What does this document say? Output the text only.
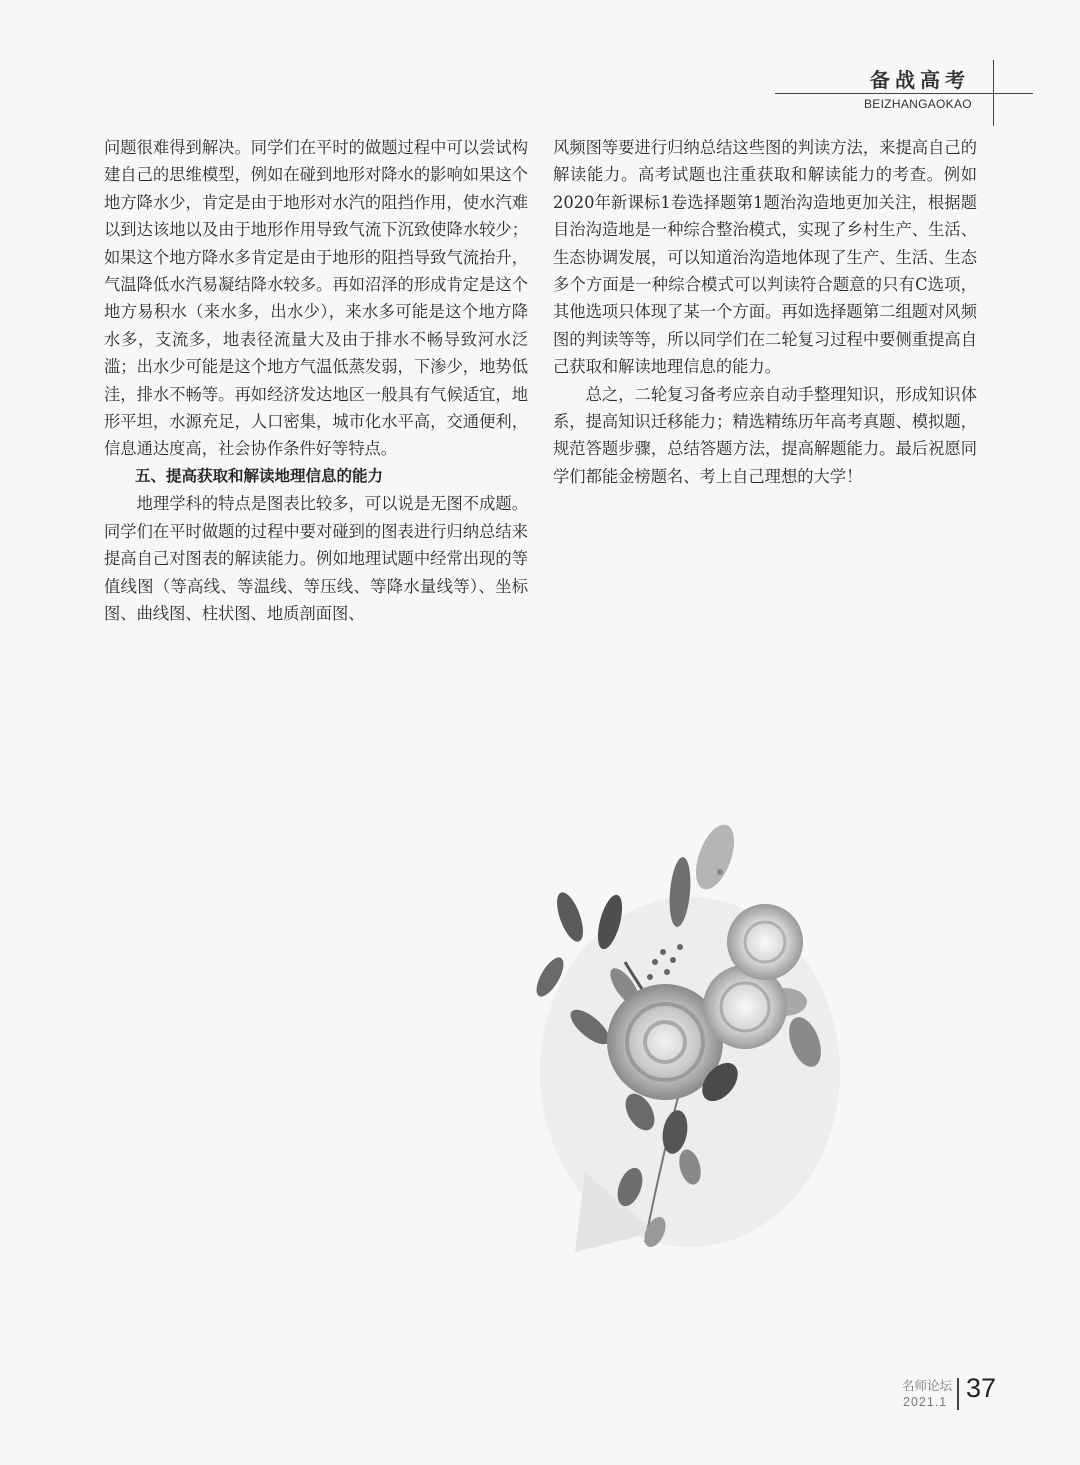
备战高考
BEIZHANGAOKAO

问题很难得到解决。同学们在平时的做题过程中可以尝试构建自己的思维模型，例如在碰到地形对降水的影响如果这个地方降水少，肯定是由于地形对水汽的阻挡作用，使水汽难以到达该地以及由于地形作用导致气流下沉致使降水较少；如果这个地方降水多肯定是由于地形的阻挡导致气流抬升，气温降低水汽易凝结降水较多。再如沼泽的形成肯定是这个地方易积水（来水多，出水少），来水多可能是这个地方降水多，支流多，地表径流量大及由于排水不畅导致河水泛滥；出水少可能是这个地方气温低蒸发弱，下渗少，地势低洼，排水不畅等。再如经济发达地区一般具有气候适宜，地形平坦，水源充足，人口密集，城市化水平高，交通便利，信息通达度高，社会协作条件好等特点。

五、提高获取和解读地理信息的能力

地理学科的特点是图表比较多，可以说是无图不成题。同学们在平时做题的过程中要对碰到的图表进行归纳总结来提高自己对图表的解读能力。例如地理试题中经常出现的等值线图（等高线、等温线、等压线、等降水量线等）、坐标图、曲线图、柱状图、地质剖面图、

风频图等要进行归纳总结这些图的判读方法，来提高自己的解读能力。高考试题也注重获取和解读能力的考查。例如2020年新课标1卷选择题第1题治沟造地更加关注，根据题目治沟造地是一种综合整治模式，实现了乡村生产、生活、生态协调发展，可以知道治沟造地体现了生产、生活、生态多个方面是一种综合模式可以判读符合题意的只有C选项，其他选项只体现了某一个方面。再如选择题第二组题对风频图的判读等等，所以同学们在二轮复习过程中要侧重提高自己获取和解读地理信息的能力。

总之，二轮复习备考应亲自动手整理知识，形成知识体系，提高知识迁移能力；精选精练历年高考真题、模拟题，规范答题步骤，总结答题方法，提高解题能力。最后祝愿同学们都能金榜题名、考上自己理想的大学！

名师论坛
2021.1 37
